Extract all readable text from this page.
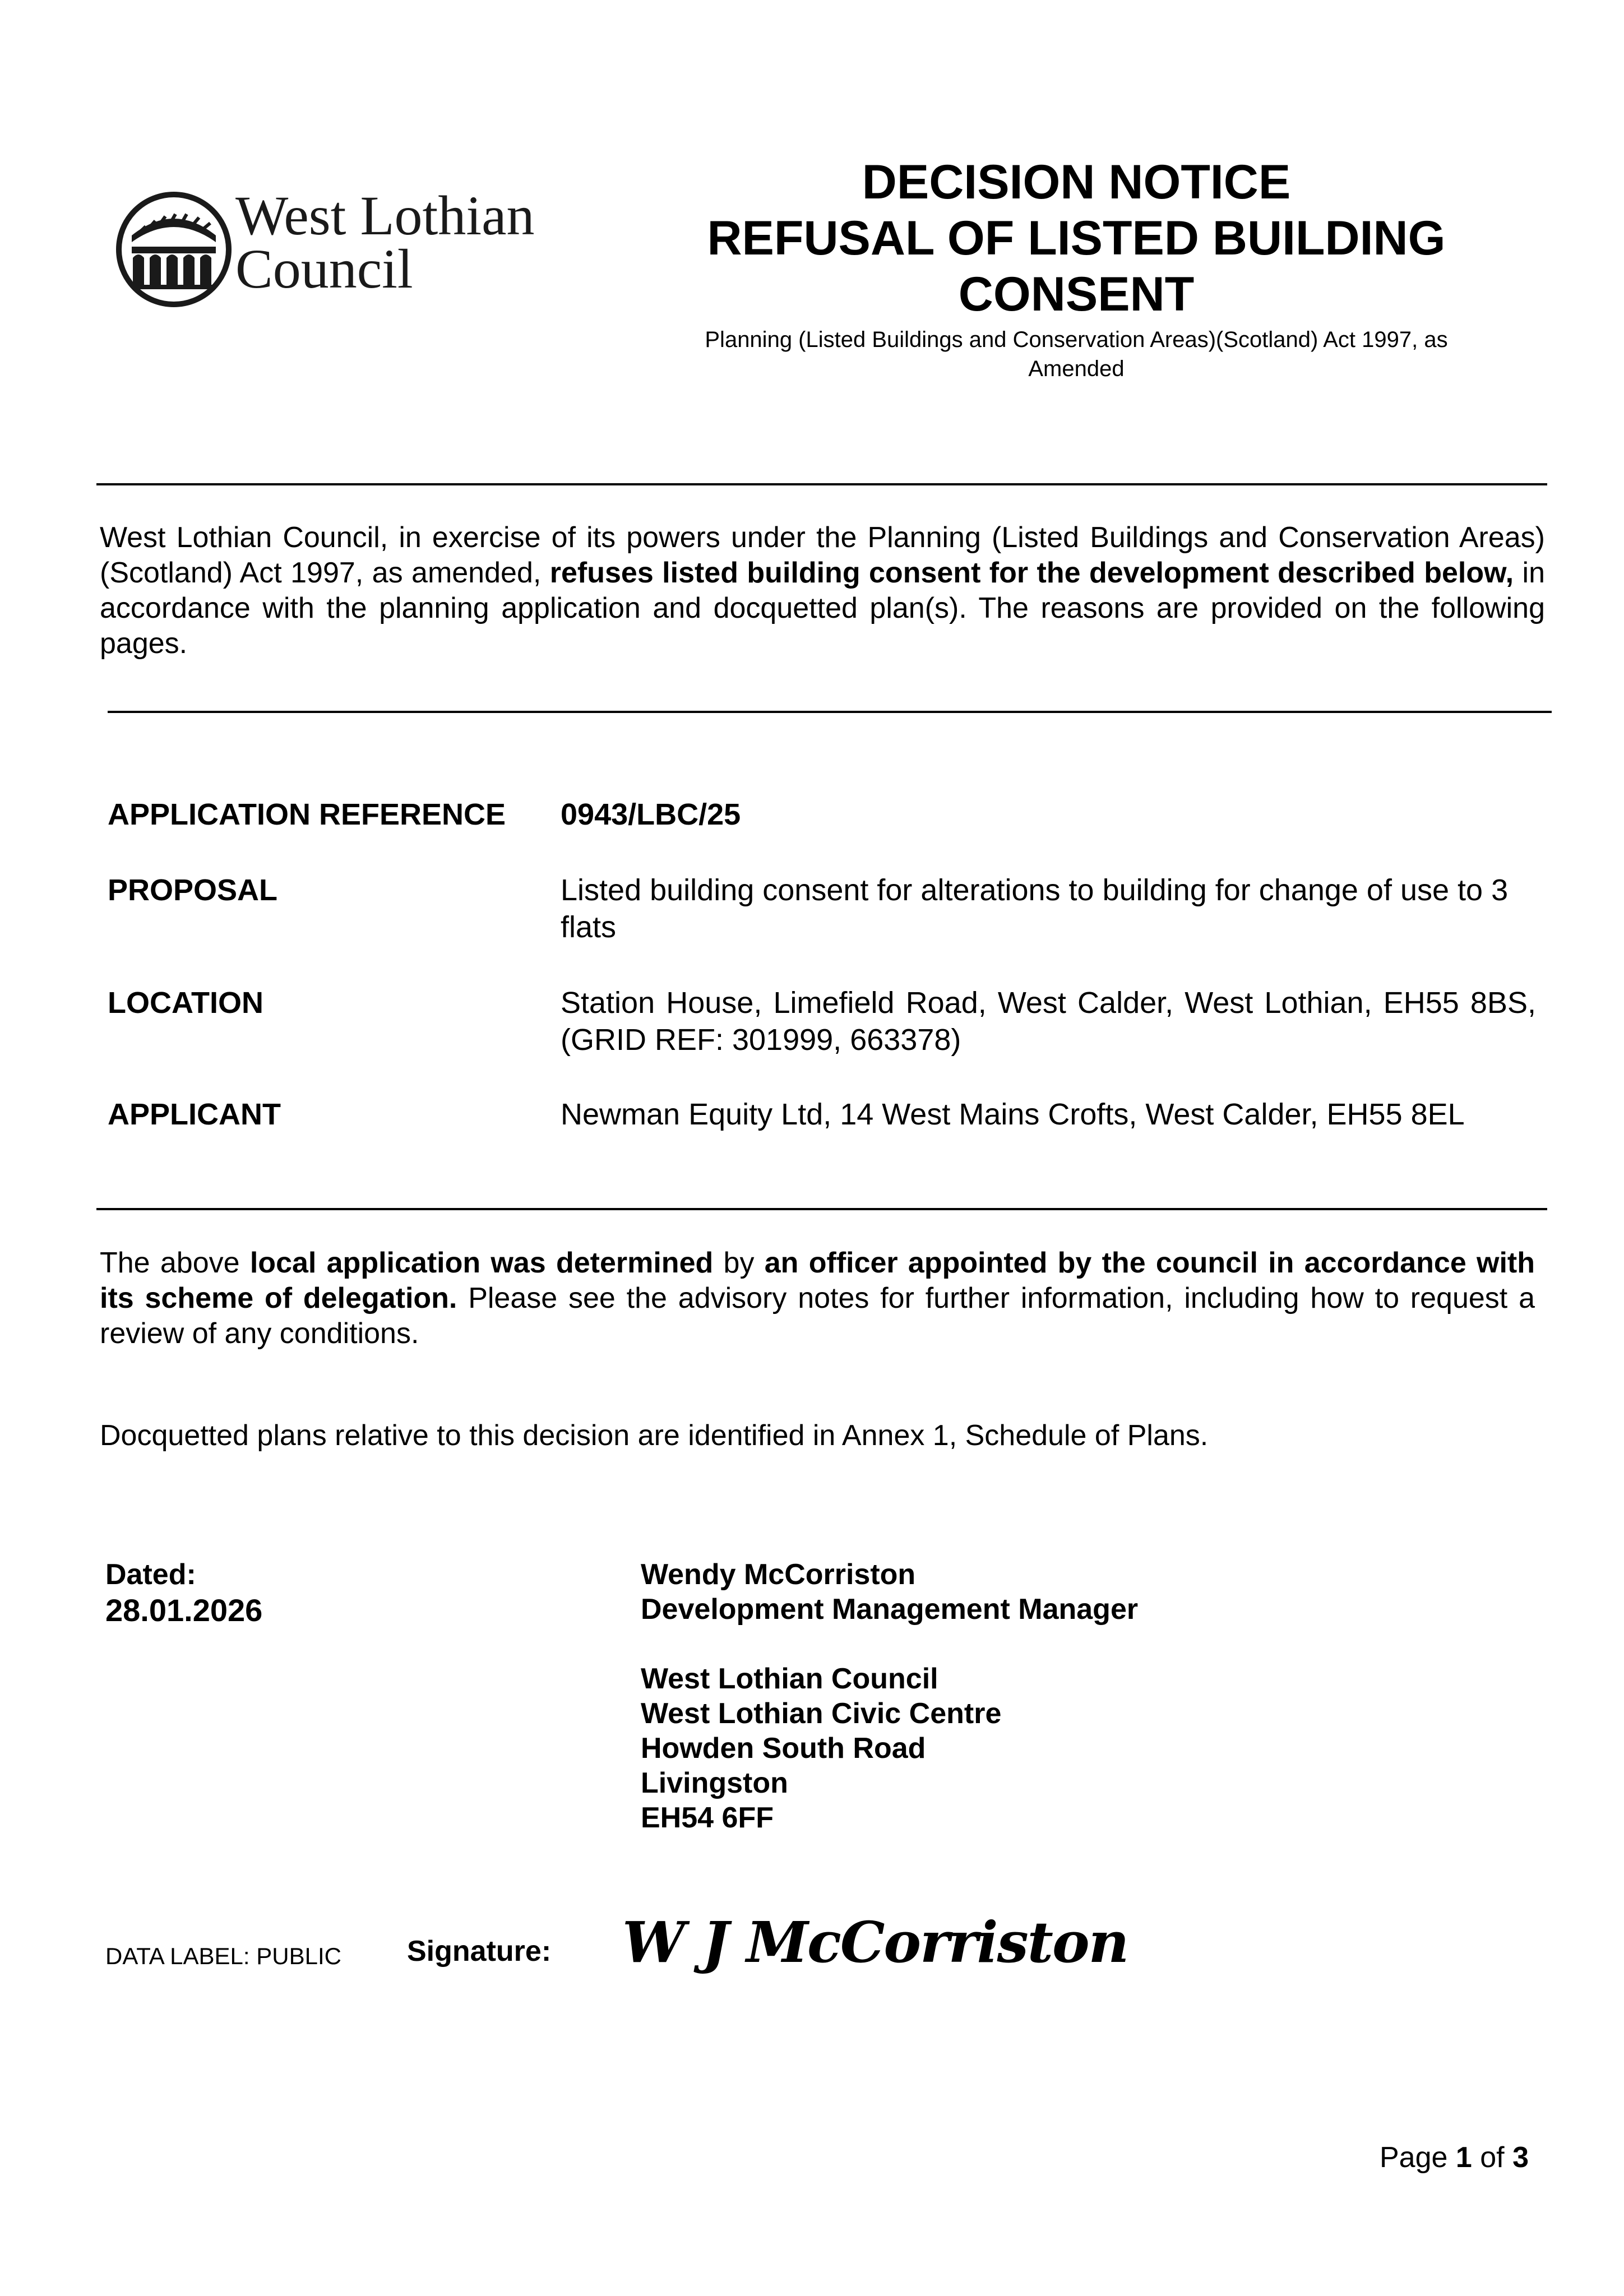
West Lothian
Council
DECISION NOTICE
REFUSAL OF LISTED BUILDING
CONSENT
Planning (Listed Buildings and Conservation Areas)(Scotland) Act 1997, as
Amended
West Lothian Council, in exercise of its powers under the Planning (Listed Buildings and Conservation Areas)(Scotland) Act 1997, as amended, refuses listed building consent for the development described below, in accordance with the planning application and docquetted plan(s). The reasons are provided on the following pages.
APPLICATION REFERENCE 0943/LBC/25
PROPOSAL	Listed building consent for alterations to building for change of use to 3 flats
LOCATION	Station House, Limefield Road, West Calder, West Lothian, EH55 8BS, (GRID REF: 301999, 663378)
APPLICANT	Newman Equity Ltd, 14 West Mains Crofts, West Calder, EH55 8EL
The above local application was determined by an officer appointed by the council in accordance with its scheme of delegation. Please see the advisory notes for further information, including how to request a review of any conditions.
Docquetted plans relative to this decision are identified in Annex 1, Schedule of Plans.
Dated:
28.01.2026
Wendy McCorriston
Development Management Manager
West Lothian Council
West Lothian Civic Centre
Howden South Road
Livingston
EH54 6FF
DATA LABEL: PUBLIC Signature: W J McCorriston
Page 1 of 3
